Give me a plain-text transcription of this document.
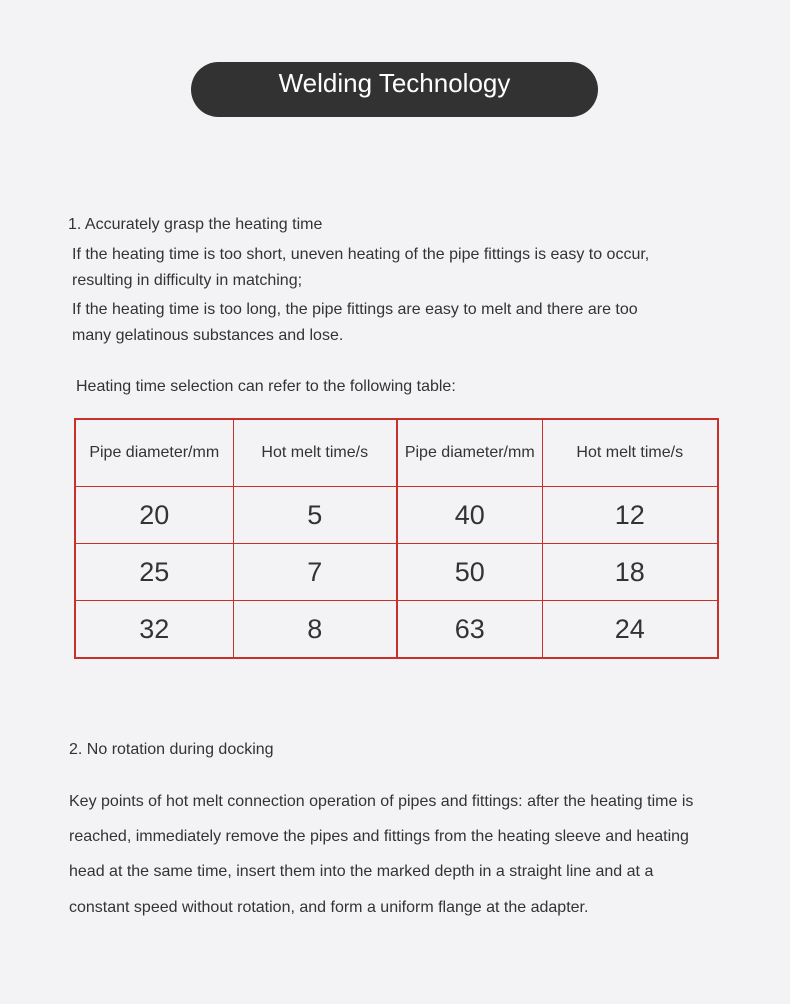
Welding Technology
1. Accurately grasp the heating time
If the heating time is too short, uneven heating of the pipe fittings is easy to occur,
resulting in difficulty in matching;
If the heating time is too long, the pipe fittings are easy to melt and there are too
many gelatinous substances and lose.
Heating time selection can refer to the following table:
Pipe diameter/mm	Hot melt time/s	Pipe diameter/mm	Hot melt time/s

20	5	40	12
25	7	50	18
32	8	63	24
2. No rotation during docking
Key points of hot melt connection operation of pipes and fittings: after the heating time is
reached, immediately remove the pipes and fittings from the heating sleeve and heating
head at the same time, insert them into the marked depth in a straight line and at a
constant speed without rotation, and form a uniform flange at the adapter.
